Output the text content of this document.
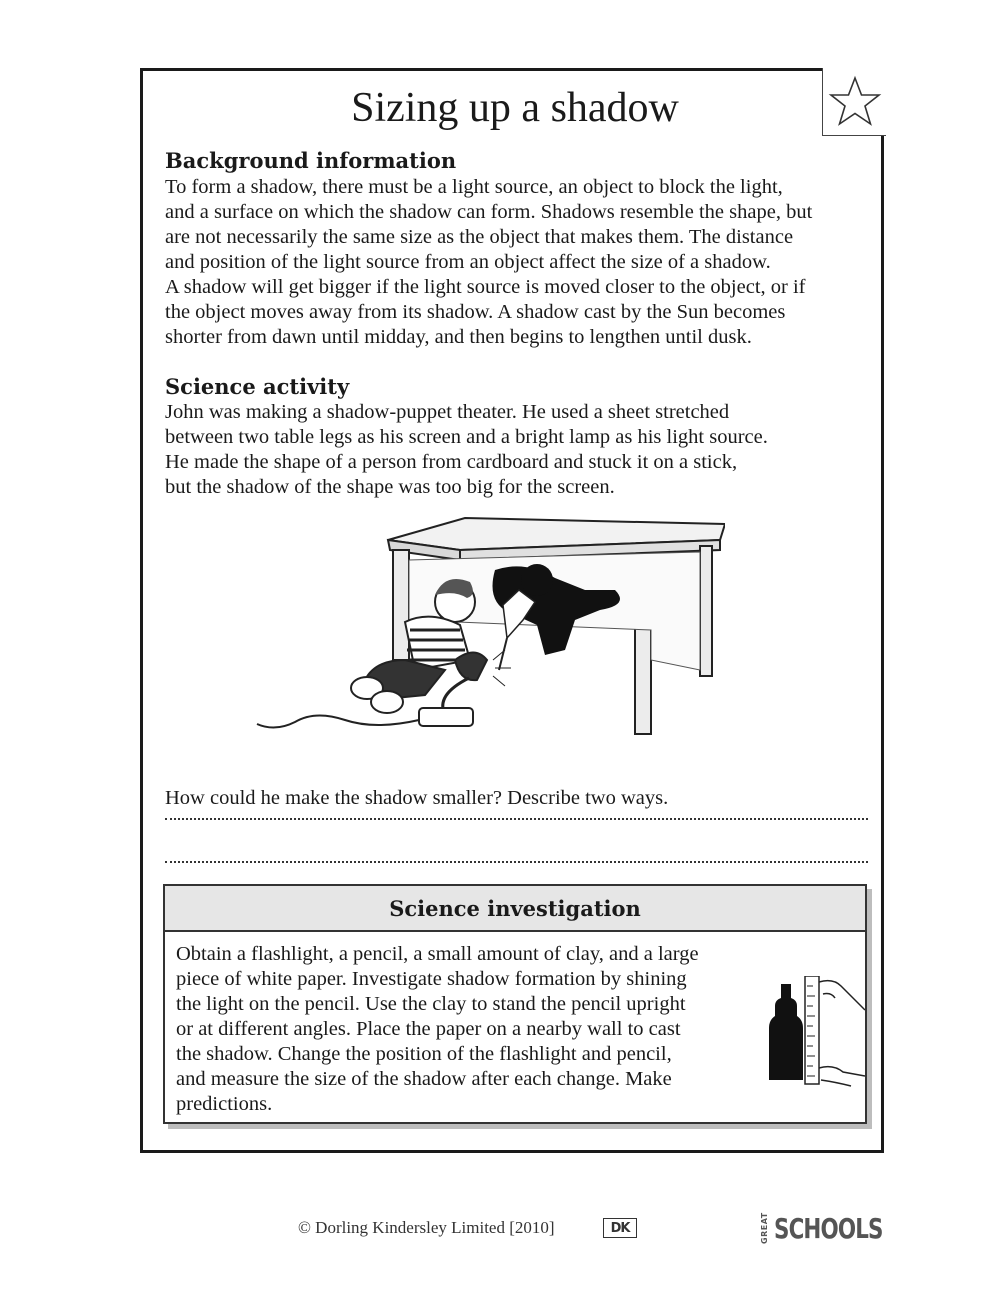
Sizing up a shadow
Background information
To form a shadow, there must be a light source, an object to block the light,
and a surface on which the shadow can form. Shadows resemble the shape, but
are not necessarily the same size as the object that makes them. The distance
and position of the light source from an object affect the size of a shadow.
A shadow will get bigger if the light source is moved closer to the object, or if
the object moves away from its shadow. A shadow cast by the Sun becomes
shorter from dawn until midday, and then begins to lengthen until dusk.
Science activity
John was making a shadow-puppet theater. He used a sheet stretched
between two table legs as his screen and a bright lamp as his light source.
He made the shape of a person from cardboard and stuck it on a stick,
but the shadow of the shape was too big for the screen.
How could he make the shadow smaller? Describe two ways.
Science investigation
Obtain a flashlight, a pencil, a small amount of clay, and a large
piece of white paper. Investigate shadow formation by shining
the light on the pencil. Use the clay to stand the pencil upright
or at different angles. Place the paper on a nearby wall to cast
the shadow. Change the position of the flashlight and pencil,
and measure the size of the shadow after each change. Make
predictions.
© Dorling Kindersley Limited [2010]	DK	GREAT SCHOOLS
